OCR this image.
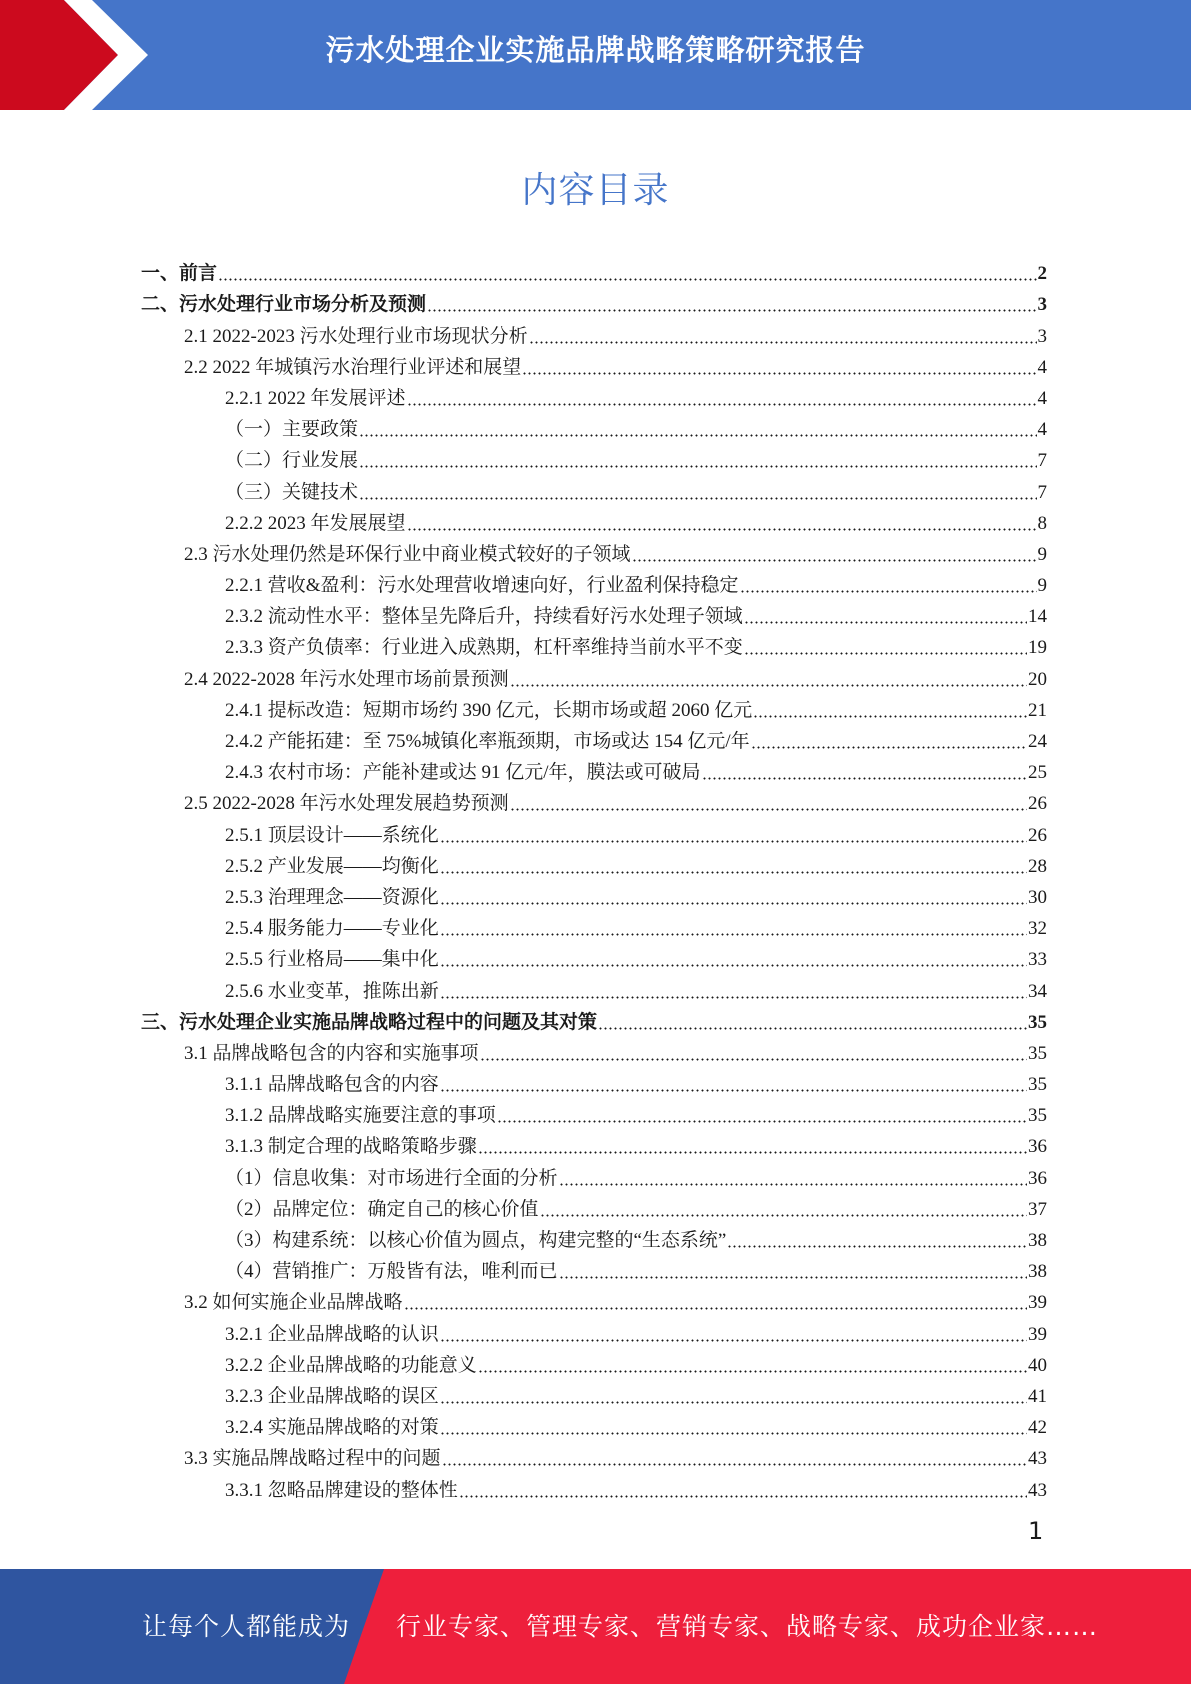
污水处理企业实施品牌战略策略研究报告
内容目录
一、前言	2
二、污水处理行业市场分析及预测	3
2.1 2022-2023 污水处理行业市场现状分析	3
2.2 2022 年城镇污水治理行业评述和展望	4
2.2.1 2022 年发展评述	4
（一）主要政策	4
（二）行业发展	7
（三）关键技术	7
2.2.2 2023 年发展展望	8
2.3 污水处理仍然是环保行业中商业模式较好的子领域	9
2.2.1 营收&盈利：污水处理营收增速向好，行业盈利保持稳定	9
2.3.2 流动性水平：整体呈先降后升，持续看好污水处理子领域	14
2.3.3 资产负债率：行业进入成熟期，杠杆率维持当前水平不变	19
2.4 2022-2028 年污水处理市场前景预测	20
2.4.1 提标改造：短期市场约 390 亿元，长期市场或超 2060 亿元	21
2.4.2 产能拓建：至 75%城镇化率瓶颈期，市场或达 154 亿元/年	24
2.4.3 农村市场：产能补建或达 91 亿元/年，膜法或可破局	25
2.5 2022-2028 年污水处理发展趋势预测	26
2.5.1 顶层设计——系统化	26
2.5.2 产业发展——均衡化	28
2.5.3 治理理念——资源化	30
2.5.4 服务能力——专业化	32
2.5.5 行业格局——集中化	33
2.5.6 水业变革，推陈出新	34
三、污水处理企业实施品牌战略过程中的问题及其对策	35
3.1 品牌战略包含的内容和实施事项	35
3.1.1 品牌战略包含的内容	35
3.1.2 品牌战略实施要注意的事项	35
3.1.3 制定合理的战略策略步骤	36
（1）信息收集：对市场进行全面的分析	36
（2）品牌定位：确定自己的核心价值	37
（3）构建系统：以核心价值为圆点，构建完整的“生态系统”	38
（4）营销推广：万般皆有法，唯利而已	38
3.2 如何实施企业品牌战略	39
3.2.1 企业品牌战略的认识	39
3.2.2 企业品牌战略的功能意义	40
3.2.3 企业品牌战略的误区	41
3.2.4 实施品牌战略的对策	42
3.3 实施品牌战略过程中的问题	43
3.3.1 忽略品牌建设的整体性	43
1
让每个人都能成为 行业专家、管理专家、营销专家、战略专家、成功企业家……
